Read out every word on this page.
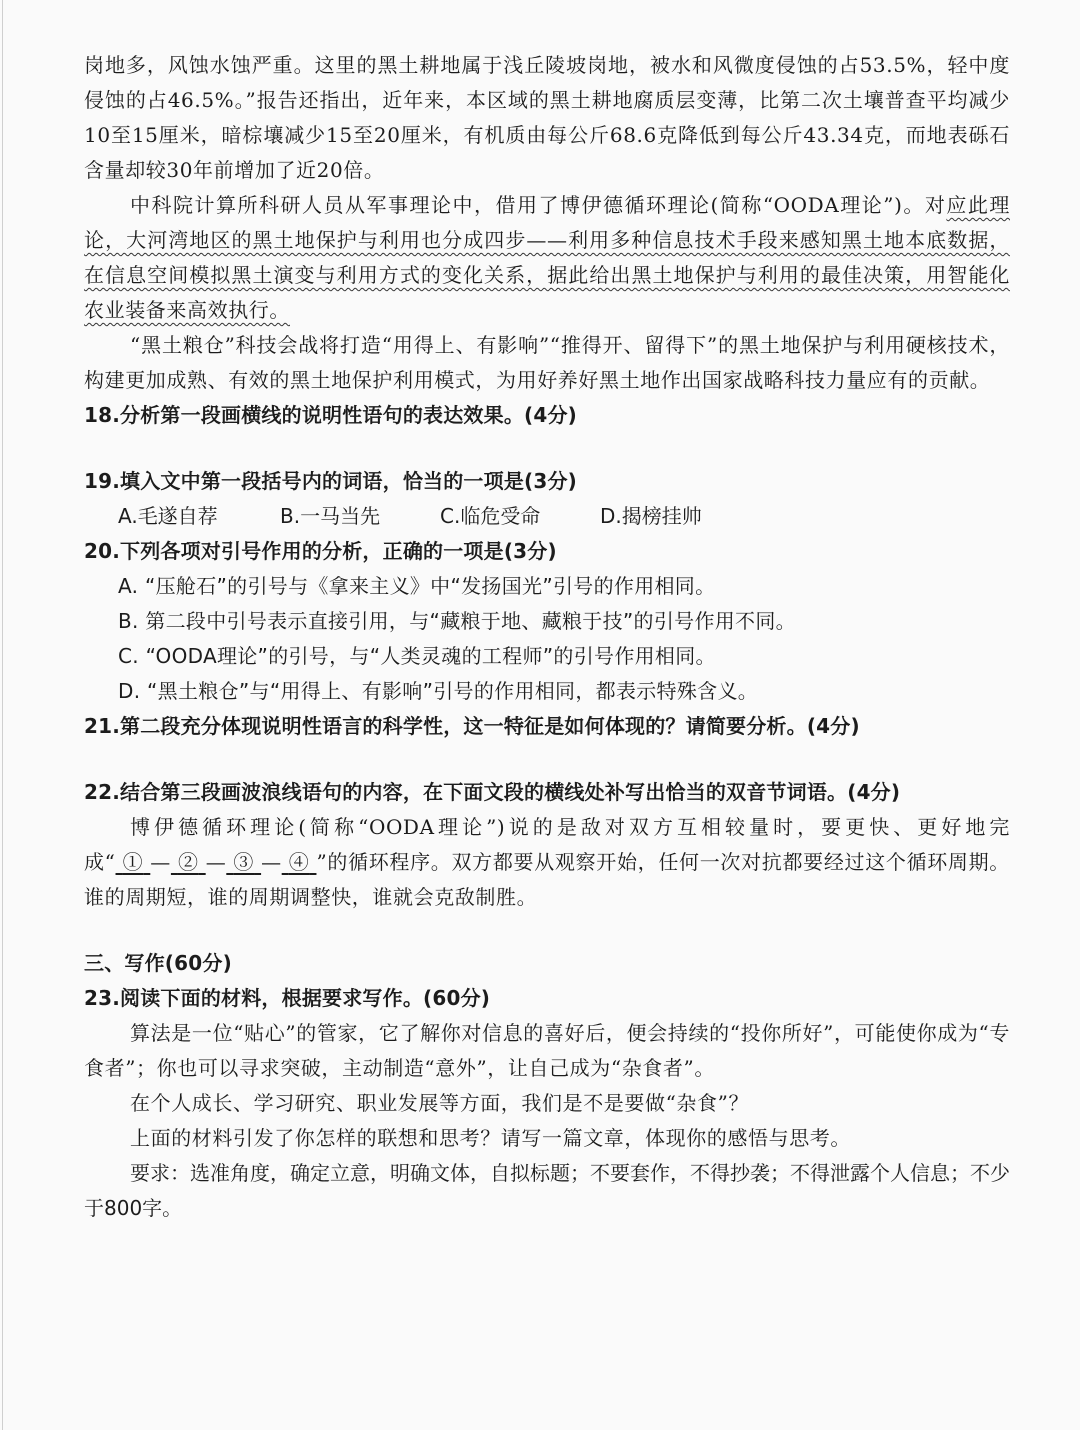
岗地多，风蚀水蚀严重。这里的黑土耕地属于浅丘陵坡岗地，被水和风微度侵蚀的占53.5%，轻中度侵蚀的占46.5%。”报告还指出，近年来，本区域的黑土耕地腐质层变薄，比第二次土壤普查平均减少10至15厘米，暗棕壤减少15至20厘米，有机质由每公斤68.6克降低到每公斤43.34克，而地表砾石含量却较30年前增加了近20倍。

中科院计算所科研人员从军事理论中，借用了博伊德循环理论(简称“OODA理论”)。对应此理论，大河湾地区的黑土地保护与利用也分成四步——利用多种信息技术手段来感知黑土地本底数据，在信息空间模拟黑土演变与利用方式的变化关系，据此给出黑土地保护与利用的最佳决策，用智能化农业装备来高效执行。

“黑土粮仓”科技会战将打造“用得上、有影响”“推得开、留得下”的黑土地保护与利用硬核技术，构建更加成熟、有效的黑土地保护利用模式，为用好养好黑土地作出国家战略科技力量应有的贡献。

18.分析第一段画横线的说明性语句的表达效果。(4分)

19.填入文中第一段括号内的词语，恰当的一项是(3分)

A.毛遂自荐	B.一马当先	C.临危受命	D.揭榜挂帅

20.下列各项对引号作用的分析，正确的一项是(3分)

A. “压舱石”的引号与《拿来主义》中“发扬国光”引号的作用相同。

B. 第二段中引号表示直接引用，与“藏粮于地、藏粮于技”的引号作用不同。

C. “OODA理论”的引号，与“人类灵魂的工程师”的引号作用相同。

D. “黑土粮仓”与“用得上、有影响”引号的作用相同，都表示特殊含义。

21.第二段充分体现说明性语言的科学性，这一特征是如何体现的？请简要分析。(4分)

22.结合第三段画波浪线语句的内容，在下面文段的横线处补写出恰当的双音节词语。(4分)

博伊德循环理论(简称“OODA理论”)说的是敌对双方互相较量时，要更快、更好地完成“ ① — ② — ③ — ④ ”的循环程序。双方都要从观察开始，任何一次对抗都要经过这个循环周期。谁的周期短，谁的周期调整快，谁就会克敌制胜。

三、写作(60分)

23.阅读下面的材料，根据要求写作。(60分)

算法是一位“贴心”的管家，它了解你对信息的喜好后，便会持续的“投你所好”，可能使你成为“专食者”；你也可以寻求突破，主动制造“意外”，让自己成为“杂食者”。

在个人成长、学习研究、职业发展等方面，我们是不是要做“杂食”？

上面的材料引发了你怎样的联想和思考？请写一篇文章，体现你的感悟与思考。

要求：选准角度，确定立意，明确文体，自拟标题；不要套作，不得抄袭；不得泄露个人信息；不少于800字。
